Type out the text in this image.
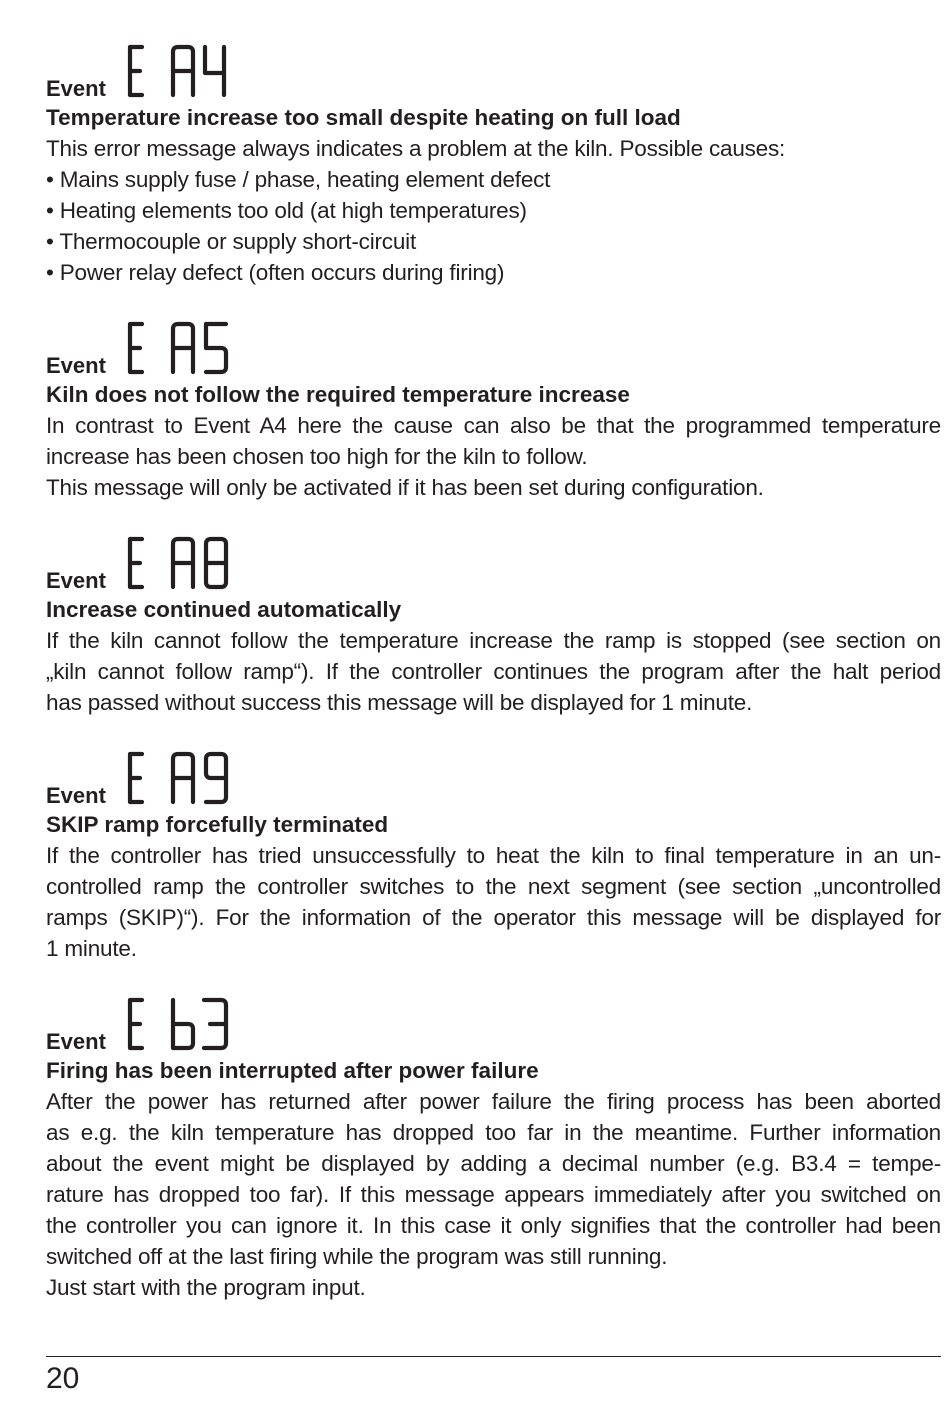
Event
Temperature increase too small despite heating on full load
This error message always indicates a problem at the kiln. Possible causes:
• Mains supply fuse / phase, heating element defect
• Heating elements too old (at high temperatures)
• Thermocouple or supply short-circuit
• Power relay defect (often occurs during firing)
Event
Kiln does not follow the required temperature increase
In contrast to Event A4 here the cause can also be that the programmed temperature
increase has been chosen too high for the kiln to follow.
This message will only be activated if it has been set during configuration.
Event
Increase continued automatically
If the kiln cannot follow the temperature increase the ramp is stopped (see section on
„kiln cannot follow ramp“). If the controller continues the program after the halt period
has passed without success this message will be displayed for 1 minute.
Event
SKIP ramp forcefully terminated
If the controller has tried unsuccessfully to heat the kiln to final temperature in an un-
controlled ramp the controller switches to the next segment (see section „uncontrolled
ramps (SKIP)“). For the information of the operator this message will be displayed for
1 minute.
Event
Firing has been interrupted after power failure
After the power has returned after power failure the firing process has been aborted
as e.g. the kiln temperature has dropped too far in the meantime. Further information
about the event might be displayed by adding a decimal number (e.g. B3.4 = tempe-
rature has dropped too far). If this message appears immediately after you switched on
the controller you can ignore it. In this case it only signifies that the controller had been
switched off at the last firing while the program was still running.
Just start with the program input.
20
